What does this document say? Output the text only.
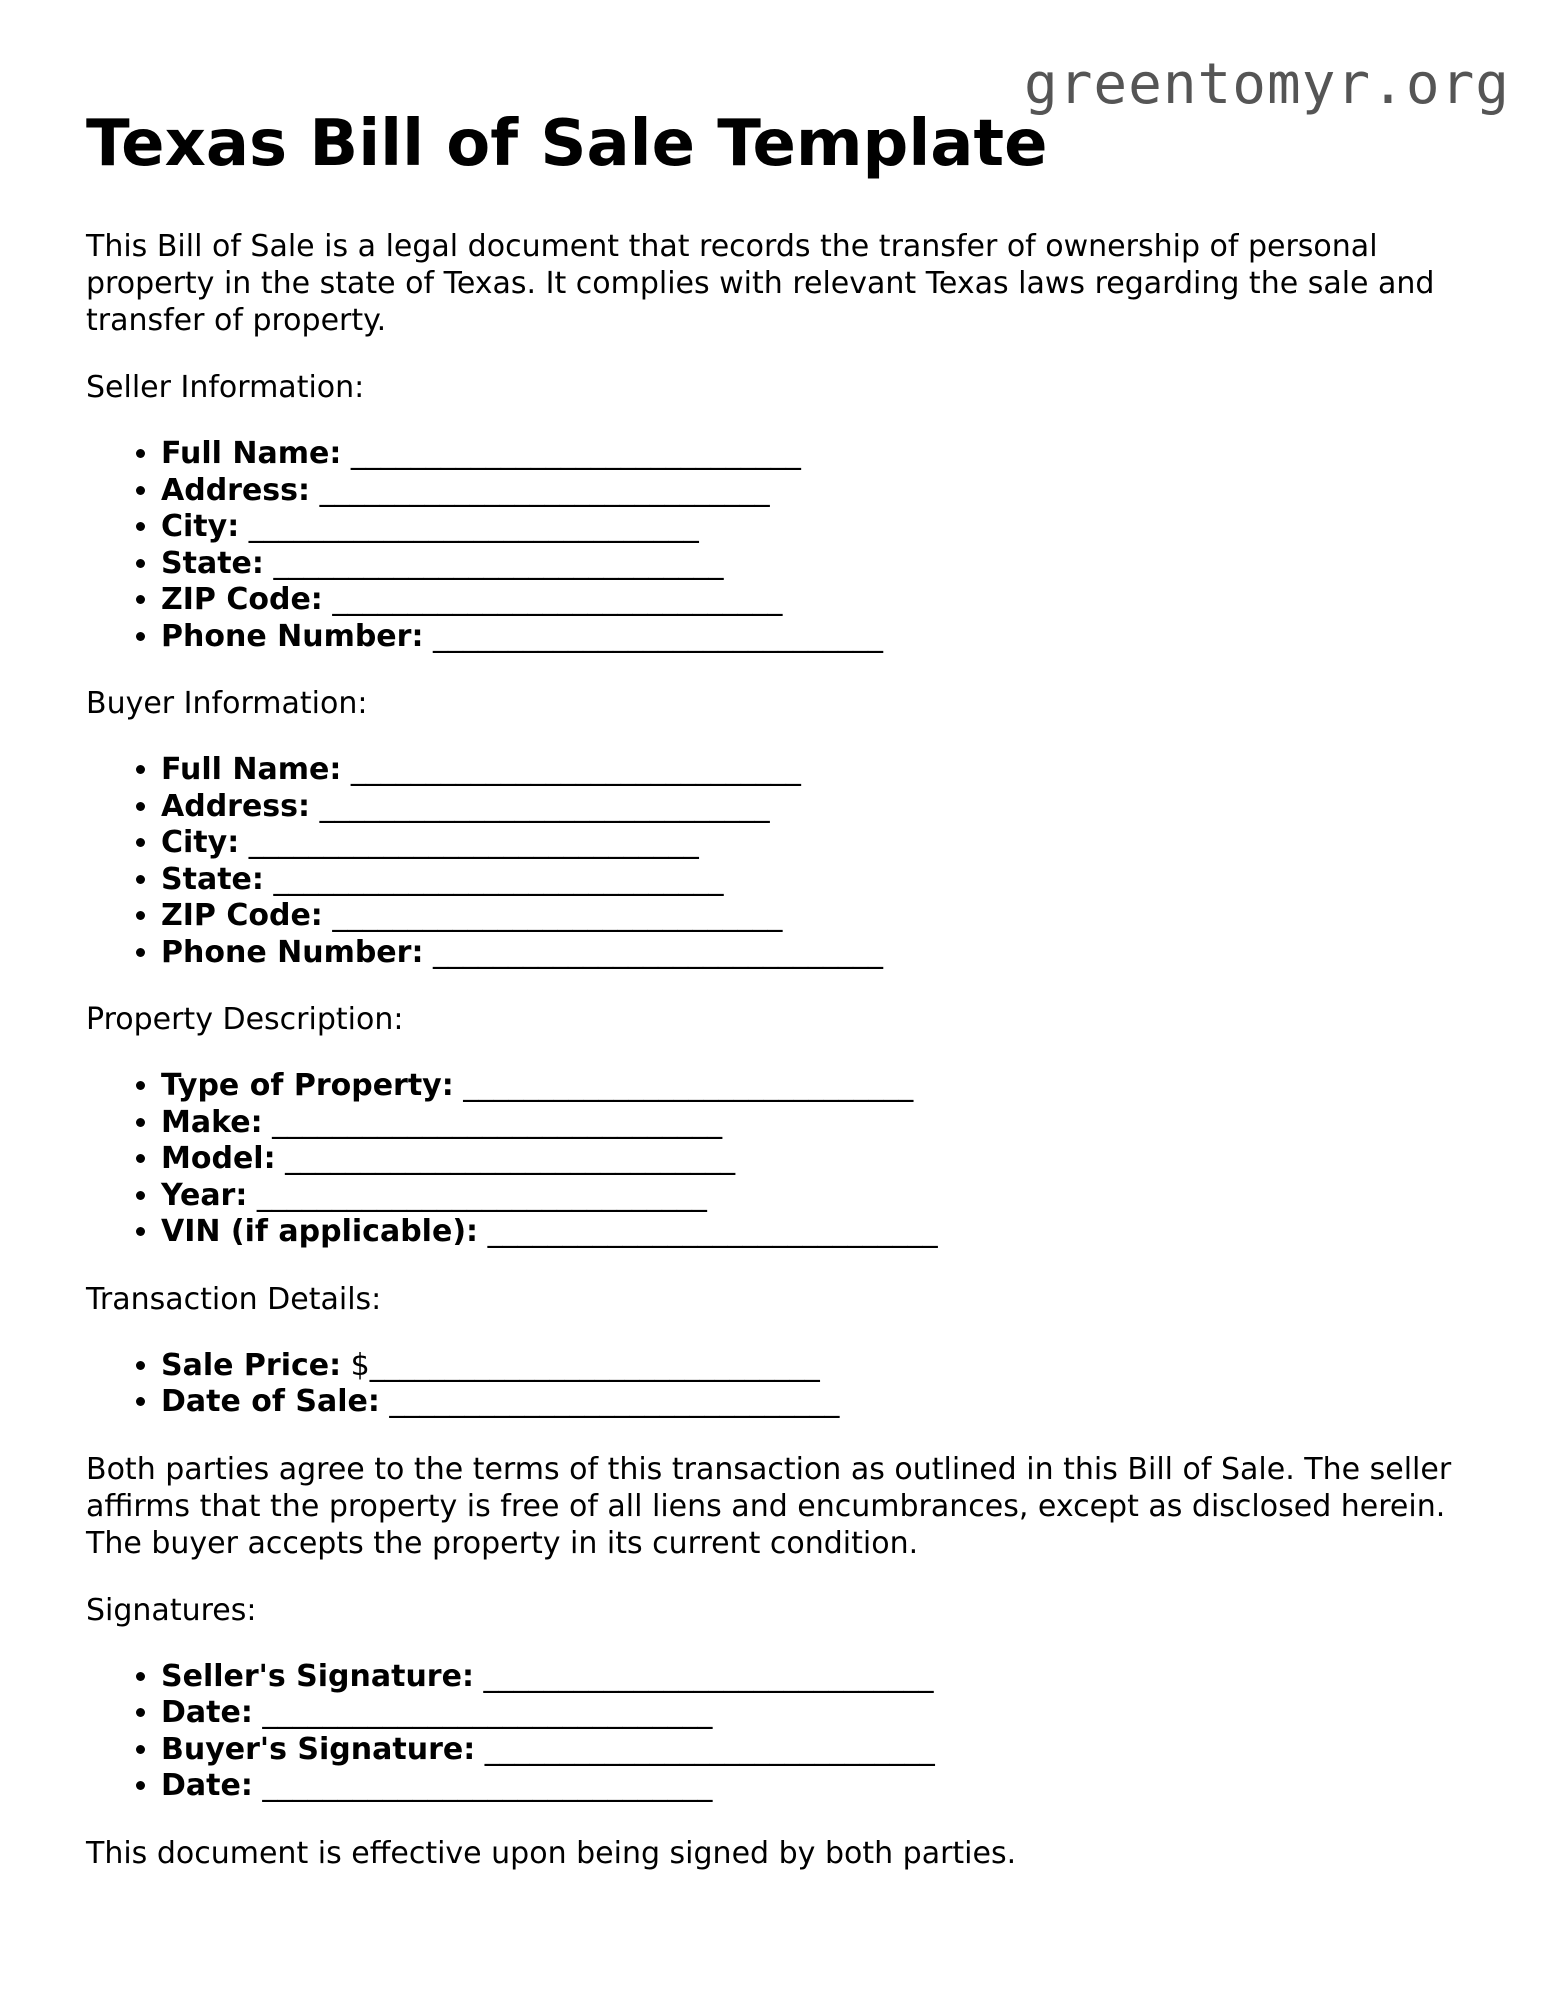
greentomyr.org
Texas Bill of Sale Template

This Bill of Sale is a legal document that records the transfer of ownership of personal property in the state of Texas. It complies with relevant Texas laws regarding the sale and transfer of property.

Seller Information:

• Full Name: ______________________________
• Address: ______________________________
• City: ______________________________
• State: ______________________________
• ZIP Code: ______________________________
• Phone Number: ______________________________

Buyer Information:

• Full Name: ______________________________
• Address: ______________________________
• City: ______________________________
• State: ______________________________
• ZIP Code: ______________________________
• Phone Number: ______________________________

Property Description:

• Type of Property: ______________________________
• Make: ______________________________
• Model: ______________________________
• Year: ______________________________
• VIN (if applicable): ______________________________

Transaction Details:

• Sale Price: $______________________________
• Date of Sale: ______________________________

Both parties agree to the terms of this transaction as outlined in this Bill of Sale. The seller affirms that the property is free of all liens and encumbrances, except as disclosed herein. The buyer accepts the property in its current condition.

Signatures:

• Seller's Signature: ______________________________
• Date: ______________________________
• Buyer's Signature: ______________________________
• Date: ______________________________

This document is effective upon being signed by both parties.
